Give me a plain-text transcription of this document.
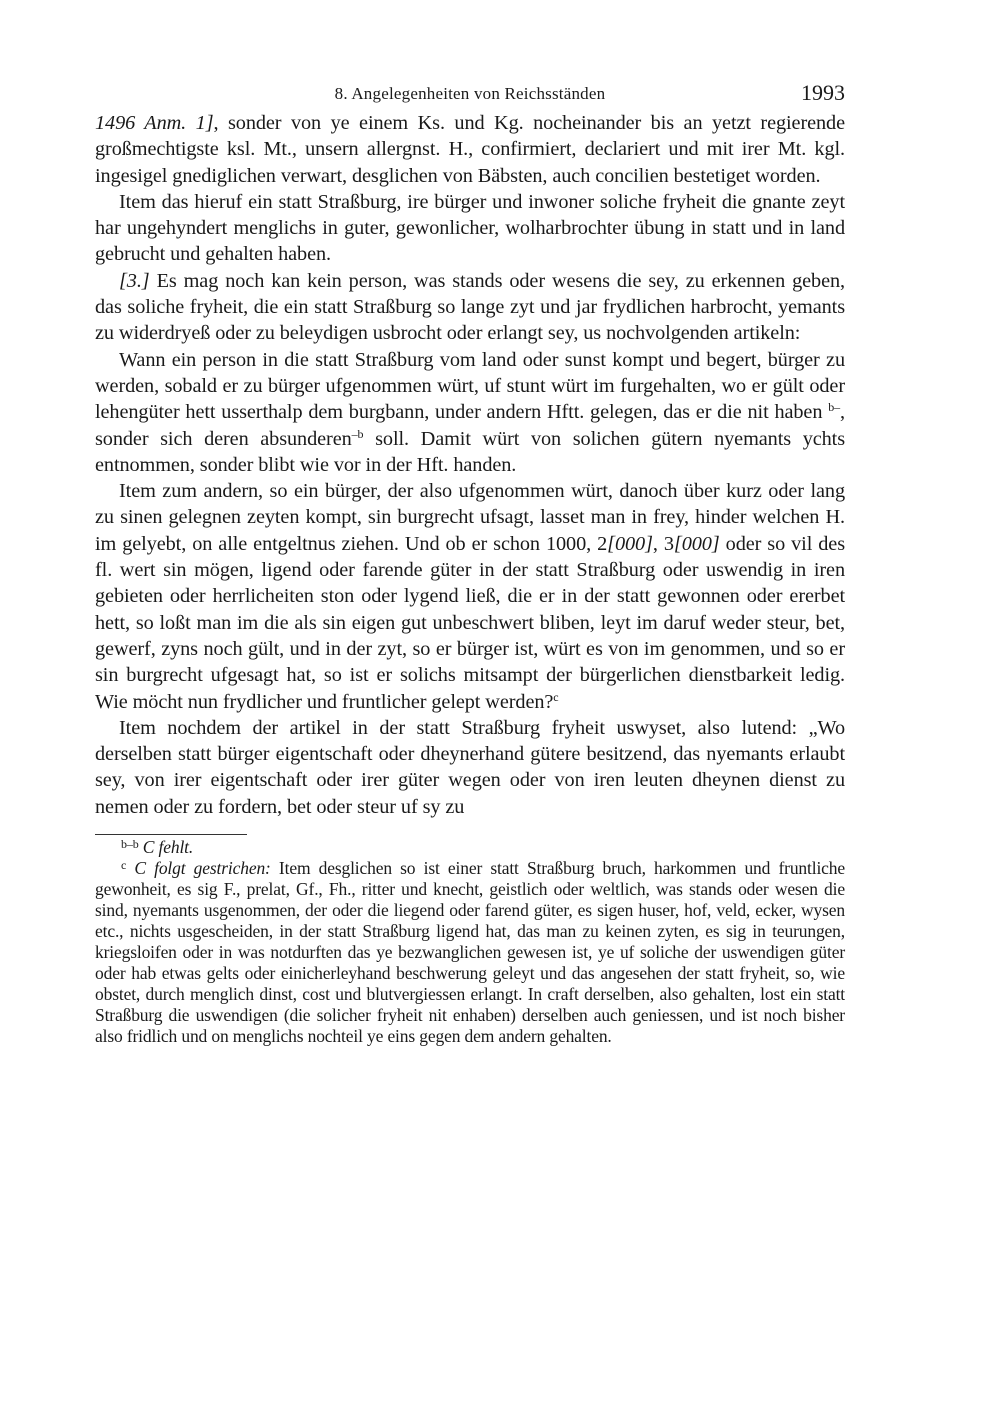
8. Angelegenheiten von Reichsständen	1993

1496 Anm. 1], sonder von ye einem Ks. und Kg. nocheinander bis an yetzt regierende großmechtigste ksl. Mt., unsern allergnst. H., confirmiert, declariert und mit irer Mt. kgl. ingesigel gnediglichen verwart, desglichen von Bäbsten, auch concilien bestetiget worden.

Item das hieruf ein statt Straßburg, ire bürger und inwoner soliche fryheit die gnante zeyt har ungehyndert menglichs in guter, gewonlicher, wolharbrochter übung in statt und in land gebrucht und gehalten haben.

[3.] Es mag noch kan kein person, was stands oder wesens die sey, zu erkennen geben, das soliche fryheit, die ein statt Straßburg so lange zyt und jar frydlichen harbrocht, yemants zu widerdryeß oder zu beleydigen usbrocht oder erlangt sey, us nochvolgenden artikeln:

Wann ein person in die statt Straßburg vom land oder sunst kompt und begert, bürger zu werden, sobald er zu bürger ufgenommen würt, uf stunt würt im furgehalten, wo er gült oder lehengüter hett usserthalp dem burgbann, under andern Hftt. gelegen, das er die nit haben $^{b-}$, sonder sich deren absunderen$^{-b}$ soll. Damit würt von solichen gütern nyemants ychts entnommen, sonder blibt wie vor in der Hft. handen.

Item zum andern, so ein bürger, der also ufgenommen würt, danoch über kurz oder lang zu sinen gelegnen zeyten kompt, sin burgrecht ufsagt, lasset man in frey, hinder welchen H. im gelyebt, on alle entgeltnus ziehen. Und ob er schon 1000, 2[000], 3[000] oder so vil des fl. wert sin mögen, ligend oder farende güter in der statt Straßburg oder uswendig in iren gebieten oder herrlicheiten ston oder lygend ließ, die er in der statt gewonnen oder ererbet hett, so loßt man im die als sin eigen gut unbeschwert bliben, leyt im daruf weder steur, bet, gewerf, zyns noch gült, und in der zyt, so er bürger ist, würt es von im genommen, und so er sin burgrecht ufgesagt hat, so ist er solichs mitsampt der bürgerlichen dienstbarkeit ledig. Wie möcht nun frydlicher und fruntlicher gelept werden?$^c$

Item nochdem der artikel in der statt Straßburg fryheit uswyset, also lutend: „Wo derselben statt bürger eigentschaft oder dheynerhand gütere besitzend, das nyemants erlaubt sey, von irer eigentschaft oder irer güter wegen oder von iren leuten dheynen dienst zu nemen oder zu fordern, bet oder steur uf sy zu

$^{b-b}$ C fehlt.

$^c$ C folgt gestrichen: Item desglichen so ist einer statt Straßburg bruch, harkommen und fruntliche gewonheit, es sig F., prelat, Gf., Fh., ritter und knecht, geistlich oder weltlich, was stands oder wesen die sind, nyemants usgenommen, der oder die liegend oder farend güter, es sigen huser, hof, veld, ecker, wysen etc., nichts usgescheiden, in der statt Straßburg ligend hat, das man zu keinen zyten, es sig in teurungen, kriegsloifen oder in was notdurften das ye bezwanglichen gewesen ist, ye uf soliche der uswendigen güter oder hab etwas gelts oder einicherleyhand beschwerung geleyt und das angesehen der statt fryheit, so, wie obstet, durch menglich dinst, cost und blutvergiessen erlangt. In craft derselben, also gehalten, lost ein statt Straßburg die uswendigen (die solicher fryheit nit enhaben) derselben auch geniessen, und ist noch bisher also fridlich und on menglichs nochteil ye eins gegen dem andern gehalten.
